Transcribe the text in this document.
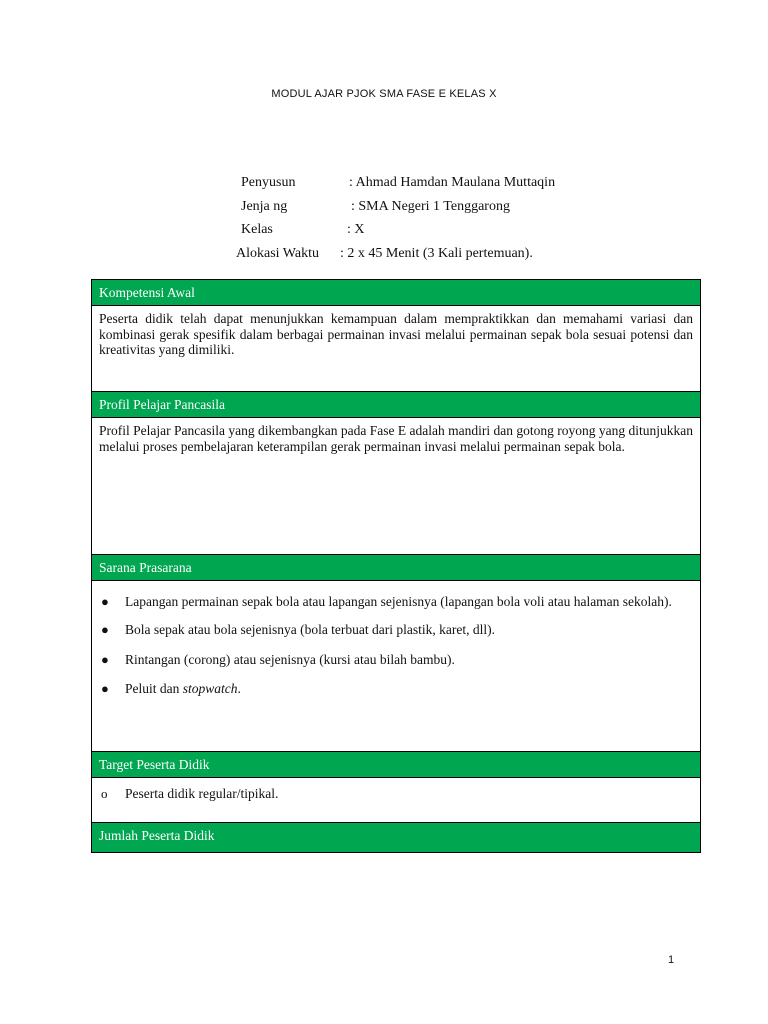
MODUL AJAR PJOK SMA FASE E KELAS X
Penyusun	: Ahmad Hamdan Maulana Muttaqin
Jenja ng	: SMA Negeri 1 Tenggarong
Kelas	: X
Alokasi Waktu	: 2 x 45 Menit (3 Kali pertemuan).
Kompetensi Awal

Peserta didik telah dapat menunjukkan kemampuan dalam mempraktikkan dan memahami variasi dan kombinasi gerak spesifik dalam berbagai permainan invasi melalui permainan sepak bola sesuai potensi dan kreativitas yang dimiliki.

Profil Pelajar Pancasila

Profil Pelajar Pancasila yang dikembangkan pada Fase E adalah mandiri dan gotong royong yang ditunjukkan melalui proses pembelajaran keterampilan gerak permainan invasi melalui permainan sepak bola.

Sarana Prasarana

●	Lapangan permainan sepak bola atau lapangan sejenisnya (lapangan bola voli atau halaman sekolah).
●	Bola sepak atau bola sejenisnya (bola terbuat dari plastik, karet, dll).
●	Rintangan (corong) atau sejenisnya (kursi atau bilah bambu).
●	Peluit dan stopwatch.

Target Peserta Didik

o	Peserta didik regular/tipikal.

Jumlah Peserta Didik
1
